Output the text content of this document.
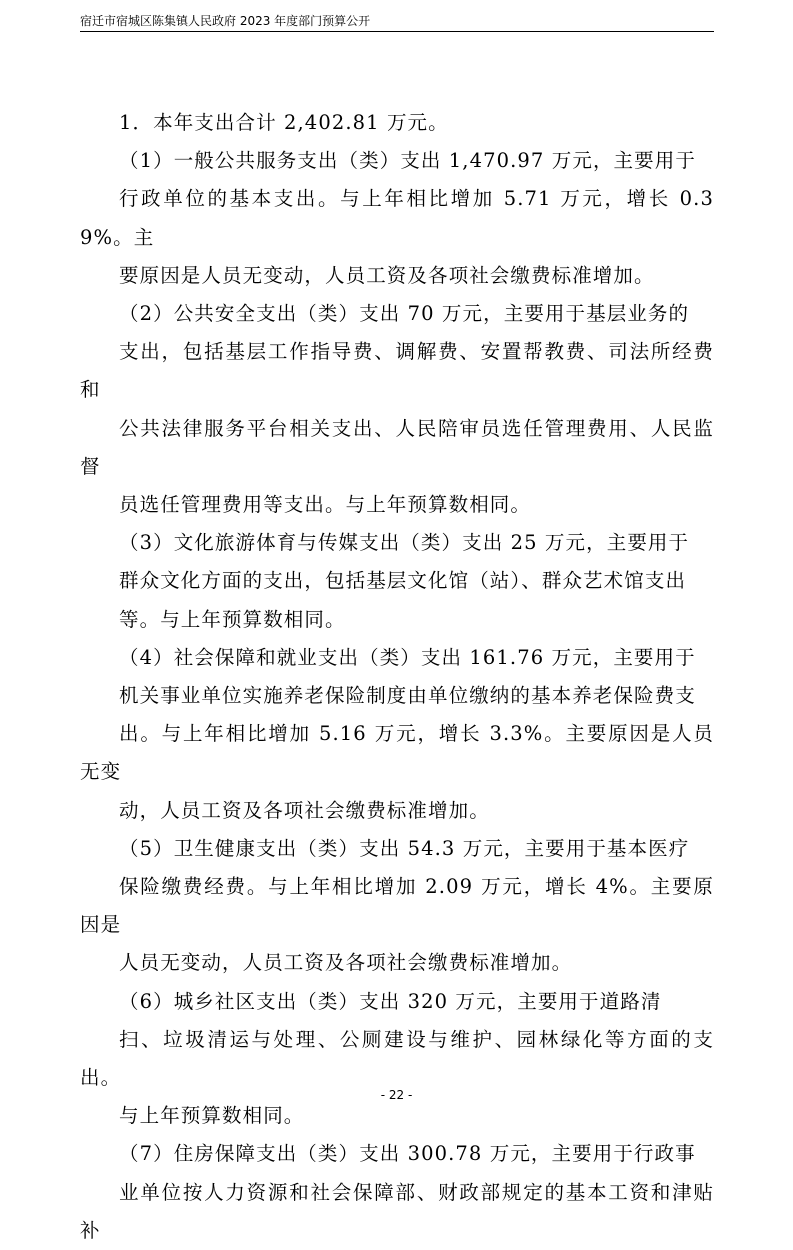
宿迁市宿城区陈集镇人民政府 2023 年度部门预算公开

1．本年支出合计 2,402.81 万元。

（1）一般公共服务支出（类）支出 1,470.97 万元，主要用于
行政单位的基本支出。与上年相比增加 5.71 万元，增长 0.39%。主
要原因是人员无变动，人员工资及各项社会缴费标准增加。

（2）公共安全支出（类）支出 70 万元，主要用于基层业务的
支出，包括基层工作指导费、调解费、安置帮教费、司法所经费和
公共法律服务平台相关支出、人民陪审员选任管理费用、人民监督
员选任管理费用等支出。与上年预算数相同。

（3）文化旅游体育与传媒支出（类）支出 25 万元，主要用于
群众文化方面的支出，包括基层文化馆（站）、群众艺术馆支出
等。与上年预算数相同。

（4）社会保障和就业支出（类）支出 161.76 万元，主要用于
机关事业单位实施养老保险制度由单位缴纳的基本养老保险费支
出。与上年相比增加 5.16 万元，增长 3.3%。主要原因是人员无变
动，人员工资及各项社会缴费标准增加。

（5）卫生健康支出（类）支出 54.3 万元，主要用于基本医疗
保险缴费经费。与上年相比增加 2.09 万元，增长 4%。主要原因是
人员无变动，人员工资及各项社会缴费标准增加。

（6）城乡社区支出（类）支出 320 万元，主要用于道路清
扫、垃圾清运与处理、公厕建设与维护、园林绿化等方面的支出。
与上年预算数相同。

（7）住房保障支出（类）支出 300.78 万元，主要用于行政事
业单位按人力资源和社会保障部、财政部规定的基本工资和津贴补

- 22 -
